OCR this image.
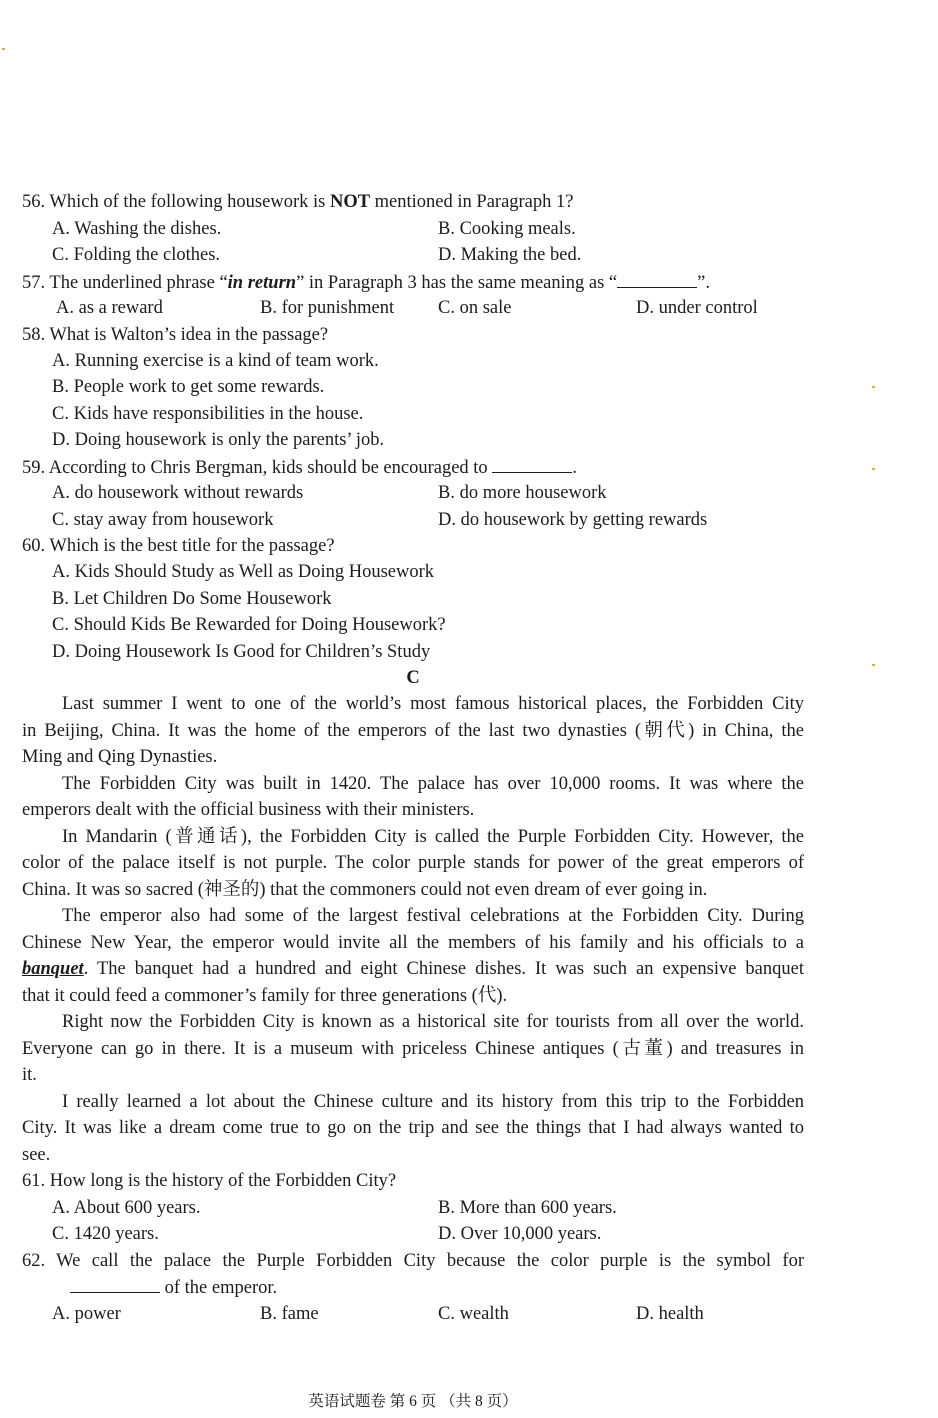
56. Which of the following housework is NOT mentioned in Paragraph 1?
A. Washing the dishes.	B. Cooking meals.
C. Folding the clothes.	D. Making the bed.
57. The underlined phrase “in return” in Paragraph 3 has the same meaning as “	”.
A. as a reward	B. for punishment C. on sale	D. under control
58. What is Walton’s idea in the passage?
A. Running exercise is a kind of team work.
B. People work to get some rewards.
C. Kids have responsibilities in the house.
D. Doing housework is only the parents’ job.
59. According to Chris Bergman, kids should be encouraged to	.
A. do housework without rewards	B. do more housework
C. stay away from housework	D. do housework by getting rewards
60. Which is the best title for the passage?
A. Kids Should Study as Well as Doing Housework
B. Let Children Do Some Housework
C. Should Kids Be Rewarded for Doing Housework?
D. Doing Housework Is Good for Children’s Study
C
Last summer I went to one of the world’s most famous historical places, the Forbidden City
in Beijing, China. It was the home of the emperors of the last two dynasties (朝代) in China, the
Ming and Qing Dynasties.
The Forbidden City was built in 1420. The palace has over 10,000 rooms. It was where the
emperors dealt with the official business with their ministers.
In Mandarin (普通话), the Forbidden City is called the Purple Forbidden City. However, the
color of the palace itself is not purple. The color purple stands for power of the great emperors of
China. It was so sacred (神圣的) that the commoners could not even dream of ever going in.
The emperor also had some of the largest festival celebrations at the Forbidden City. During
Chinese New Year, the emperor would invite all the members of his family and his officials to a
banquet. The banquet had a hundred and eight Chinese dishes. It was such an expensive banquet
that it could feed a commoner’s family for three generations (代).
Right now the Forbidden City is known as a historical site for tourists from all over the world.
Everyone can go in there. It is a museum with priceless Chinese antiques (古董) and treasures in
it.
I really learned a lot about the Chinese culture and its history from this trip to the Forbidden
City. It was like a dream come true to go on the trip and see the things that I had always wanted to
see.
61. How long is the history of the Forbidden City?
A. About 600 years.	B. More than 600 years.
C. 1420 years.	D. Over 10,000 years.
62. We call the palace the Purple Forbidden City because the color purple is the symbol for
of the emperor.
A. power	B. fame	C. wealth	D. health
英语试题卷 第 6 页 （共 8 页）
